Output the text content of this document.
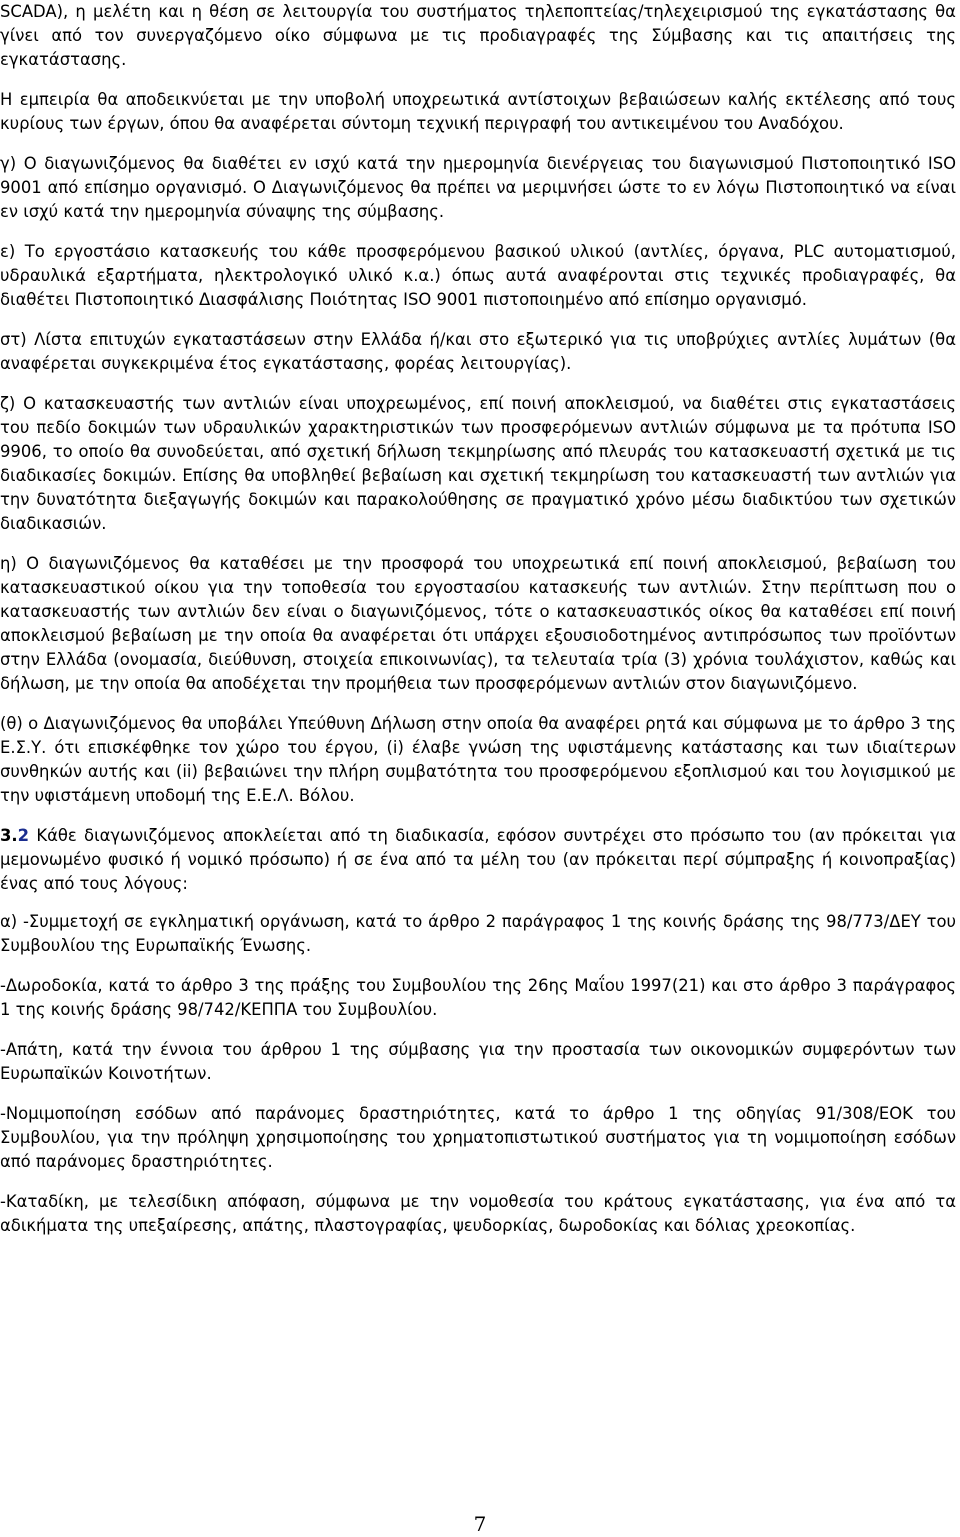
SCADA), η μελέτη και η θέση σε λειτουργία του συστήματος τηλεποπτείας/τηλεχειρισμού της εγκατάστασης θα γίνει από τον συνεργαζόμενο οίκο σύμφωνα με τις προδιαγραφές της Σύμβασης και τις απαιτήσεις της εγκατάστασης.

Η εμπειρία θα αποδεικνύεται με την υποβολή υποχρεωτικά αντίστοιχων βεβαιώσεων καλής εκτέλεσης από τους κυρίους των έργων, όπου θα αναφέρεται σύντομη τεχνική περιγραφή του αντικειμένου του Αναδόχου.

γ) Ο διαγωνιζόμενος θα διαθέτει εν ισχύ κατά την ημερομηνία διενέργειας του διαγωνισμού Πιστοποιητικό ISO 9001 από επίσημο οργανισμό. Ο Διαγωνιζόμενος θα πρέπει να μεριμνήσει ώστε το εν λόγω Πιστοποιητικό να είναι εν ισχύ κατά την ημερομηνία σύναψης της σύμβασης.

ε) Το εργοστάσιο κατασκευής του κάθε προσφερόμενου βασικού υλικού (αντλίες, όργανα, PLC αυτοματισμού, υδραυλικά εξαρτήματα, ηλεκτρολογικό υλικό κ.α.) όπως αυτά αναφέρονται στις τεχνικές προδιαγραφές, θα διαθέτει Πιστοποιητικό Διασφάλισης Ποιότητας ISO 9001 πιστοποιημένο από επίσημο οργανισμό.

στ) Λίστα επιτυχών εγκαταστάσεων στην Ελλάδα ή/και στο εξωτερικό για τις υποβρύχιες αντλίες λυμάτων (θα αναφέρεται συγκεκριμένα έτος εγκατάστασης, φορέας λειτουργίας).

ζ) Ο κατασκευαστής των αντλιών είναι υποχρεωμένος, επί ποινή αποκλεισμού, να διαθέτει στις εγκαταστάσεις του πεδίο δοκιμών των υδραυλικών χαρακτηριστικών των προσφερόμενων αντλιών σύμφωνα με τα πρότυπα ISO 9906, το οποίο θα συνοδεύεται, από σχετική δήλωση τεκμηρίωσης από πλευράς του κατασκευαστή σχετικά με τις διαδικασίες δοκιμών. Επίσης θα υποβληθεί βεβαίωση και σχετική τεκμηρίωση του κατασκευαστή των αντλιών για την δυνατότητα διεξαγωγής δοκιμών και παρακολούθησης σε πραγματικό χρόνο μέσω διαδικτύου των σχετικών διαδικασιών.

η) Ο διαγωνιζόμενος θα καταθέσει με την προσφορά του υποχρεωτικά επί ποινή αποκλεισμού, βεβαίωση του κατασκευαστικού οίκου για την τοποθεσία του εργοστασίου κατασκευής των αντλιών. Στην περίπτωση που ο κατασκευαστής των αντλιών δεν είναι ο διαγωνιζόμενος, τότε ο κατασκευαστικός οίκος θα καταθέσει επί ποινή αποκλεισμού βεβαίωση με την οποία θα αναφέρεται ότι υπάρχει εξουσιοδοτημένος αντιπρόσωπος των προϊόντων στην Ελλάδα (ονομασία, διεύθυνση, στοιχεία επικοινωνίας), τα τελευταία τρία (3) χρόνια τουλάχιστον, καθώς και δήλωση, με την οποία θα αποδέχεται την προμήθεια των προσφερόμενων αντλιών στον διαγωνιζόμενο.

(θ) ο Διαγωνιζόμενος θα υποβάλει Υπεύθυνη Δήλωση στην οποία θα αναφέρει ρητά και σύμφωνα με το άρθρο 3 της Ε.Σ.Υ. ότι επισκέφθηκε τον χώρο του έργου, (i) έλαβε γνώση της υφιστάμενης κατάστασης και των ιδιαίτερων συνθηκών αυτής και (ii) βεβαιώνει την πλήρη συμβατότητα του προσφερόμενου εξοπλισμού και του λογισμικού με την υφιστάμενη υποδομή της Ε.Ε.Λ. Βόλου.

3.2 Κάθε διαγωνιζόμενος αποκλείεται από τη διαδικασία, εφόσον συντρέχει στο πρόσωπο του (αν πρόκειται για μεμονωμένο φυσικό ή νομικό πρόσωπο) ή σε ένα από τα μέλη του (αν πρόκειται περί σύμπραξης ή κοινοπραξίας) ένας από τους λόγους:

α) -Συμμετοχή σε εγκληματική οργάνωση, κατά το άρθρο 2 παράγραφος 1 της κοινής δράσης της 98/773/ΔΕΥ του Συμβουλίου της Ευρωπαϊκής Ένωσης.

-Δωροδοκία, κατά το άρθρο 3 της πράξης του Συμβουλίου της 26ης Μαΐου 1997(21) και στο άρθρο 3 παράγραφος 1 της κοινής δράσης 98/742/ΚΕΠΠΑ του Συμβουλίου.

-Απάτη, κατά την έννοια του άρθρου 1 της σύμβασης για την προστασία των οικονομικών συμφερόντων των Ευρωπαϊκών Κοινοτήτων.

-Νομιμοποίηση εσόδων από παράνομες δραστηριότητες, κατά το άρθρο 1 της οδηγίας 91/308/ΕΟΚ του Συμβουλίου, για την πρόληψη χρησιμοποίησης του χρηματοπιστωτικού συστήματος για τη νομιμοποίηση εσόδων από παράνομες δραστηριότητες.

-Καταδίκη, με τελεσίδικη απόφαση, σύμφωνα με την νομοθεσία του κράτους εγκατάστασης, για ένα από τα αδικήματα της υπεξαίρεσης, απάτης, πλαστογραφίας, ψευδορκίας, δωροδοκίας και δόλιας χρεοκοπίας.

7
